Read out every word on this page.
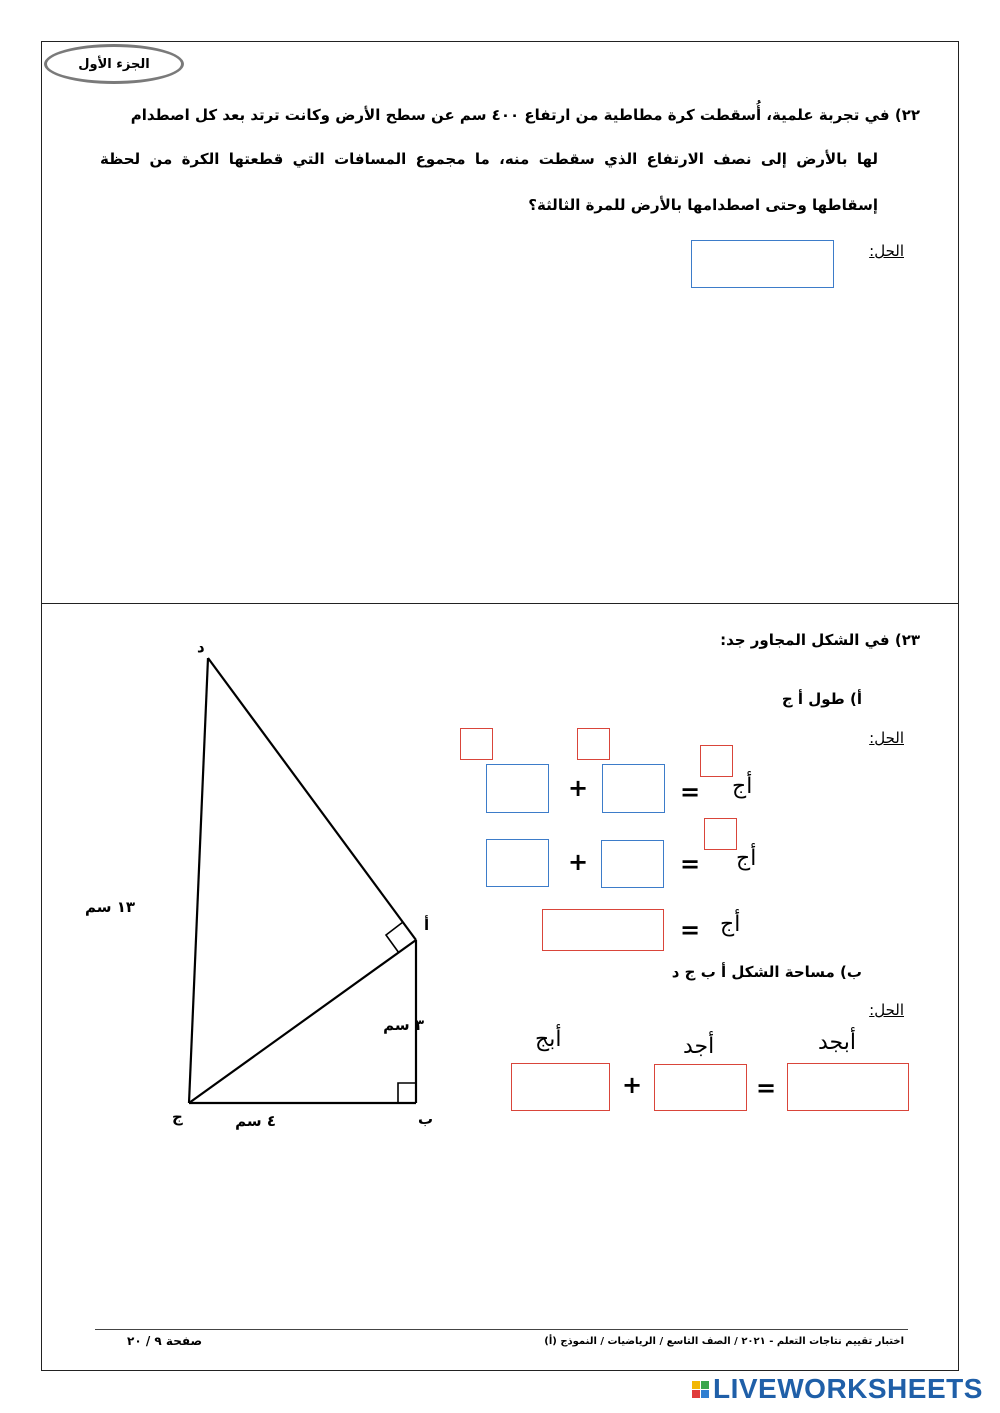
الجزء الأول
٢٢) في تجربة علمية، أُسقطت كرة مطاطية من ارتفاع ٤٠٠ سم عن سطح الأرض وكانت ترتد بعد كل اصطدام
لها بالأرض إلى نصف الارتفاع الذي سقطت منه، ما مجموع المسافات التي قطعتها الكرة من لحظة
إسقاطها وحتى اصطدامها بالأرض للمرة الثالثة؟
الحل:
٢٣) في الشكل المجاور جد:
أ) طول أ ج
الحل:
+	= أج
+	= أج
= أج
ب) مساحة الشكل أ ب ج د
الحل:
أبجد
أجد
أبج
+	=
د
أ
ب
ج
١٣ سم
٣ سم
٤ سم
اختبار تقييم نتاجات التعلم - ٢٠٢١ / الصف التاسع / الرياضيات / النموذج (أ)
صفحة ٩ / ٢٠
LIVEWORKSHEETS
